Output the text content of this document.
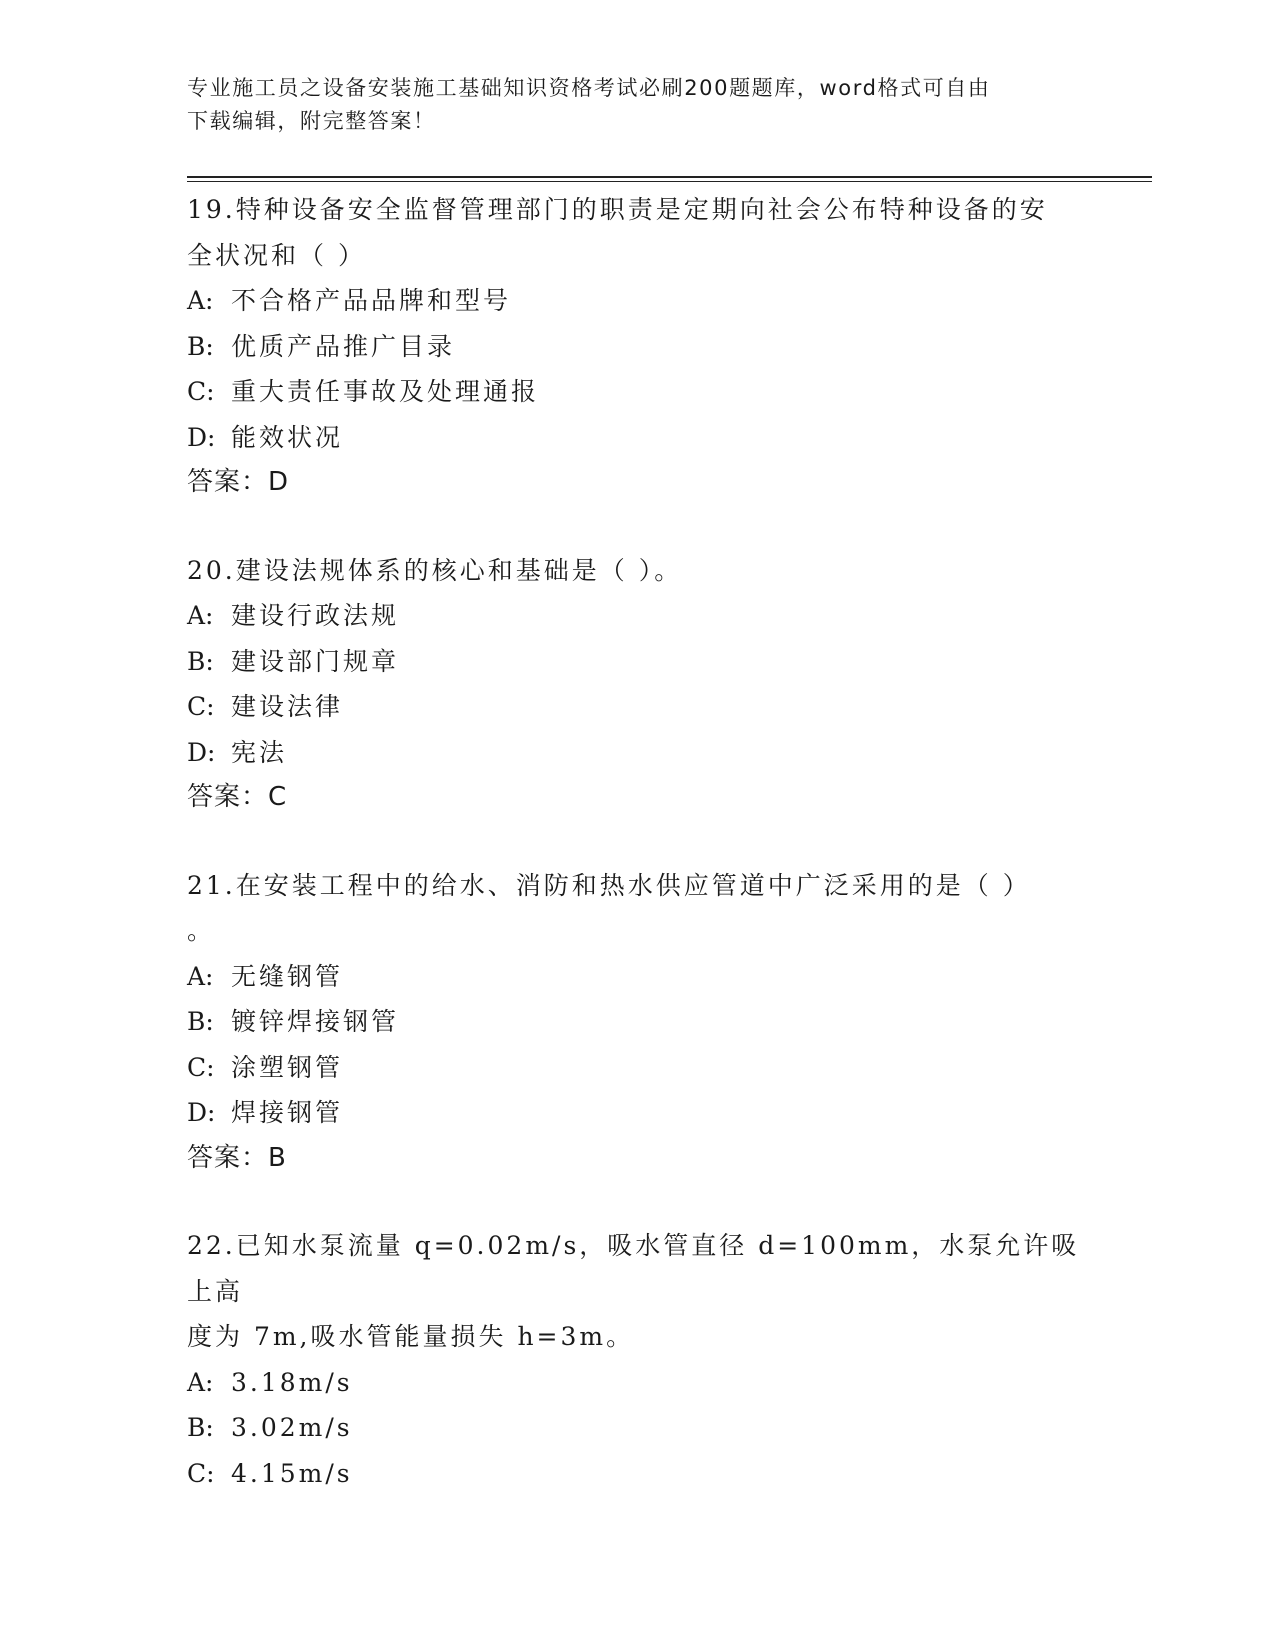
专业施工员之设备安装施工基础知识资格考试必刷200题题库，word格式可自由
下载编辑，附完整答案！

19.特种设备安全监督管理部门的职责是定期向社会公布特种设备的安

全状况和（ ）

A: 不合格产品品牌和型号

B: 优质产品推广目录

C: 重大责任事故及处理通报

D: 能效状况

答案：D

20.建设法规体系的核心和基础是（ ）。

A: 建设行政法规

B: 建设部门规章

C: 建设法律

D: 宪法

答案：C

21.在安装工程中的给水、消防和热水供应管道中广泛采用的是（ ）

。

A: 无缝钢管

B: 镀锌焊接钢管

C: 涂塑钢管

D: 焊接钢管

答案：B

22.已知水泵流量 q=0.02m/s，吸水管直径 d=100mm，水泵允许吸上高

度为 7m,吸水管能量损失 h=3m。

A: 3.18m/s

B: 3.02m/s

C: 4.15m/s
